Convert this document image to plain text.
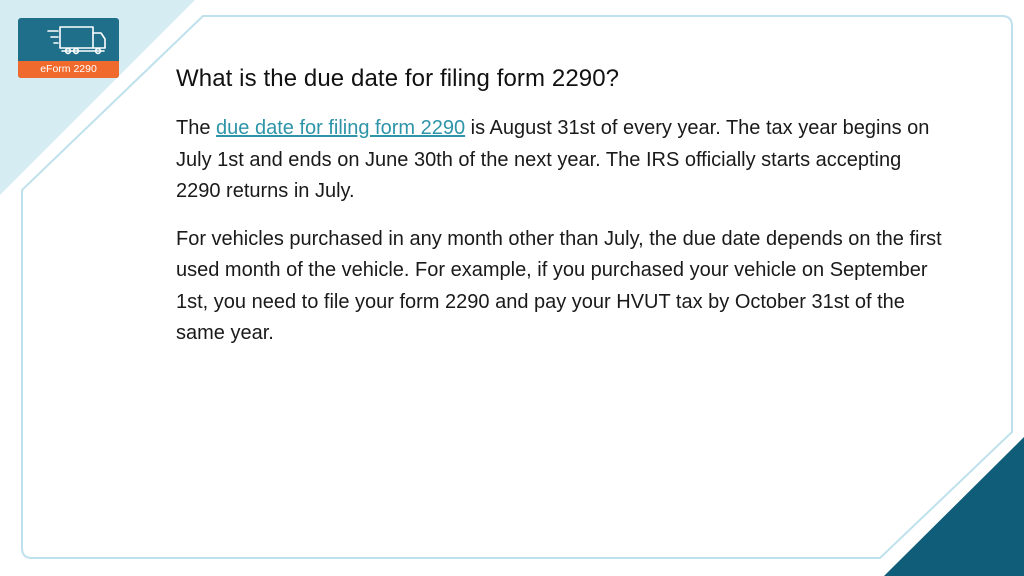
eForm 2290	What is the due date for filing form 2290?

The due date for filing form 2290 is August 31st of every year. The tax year begins on July 1st and ends on June 30th of the next year. The IRS officially starts accepting 2290 returns in July.

For vehicles purchased in any month other than July, the due date depends on the first used month of the vehicle. For example, if you purchased your vehicle on September 1st, you need to file your form 2290 and pay your HVUT tax by October 31st of the same year.
